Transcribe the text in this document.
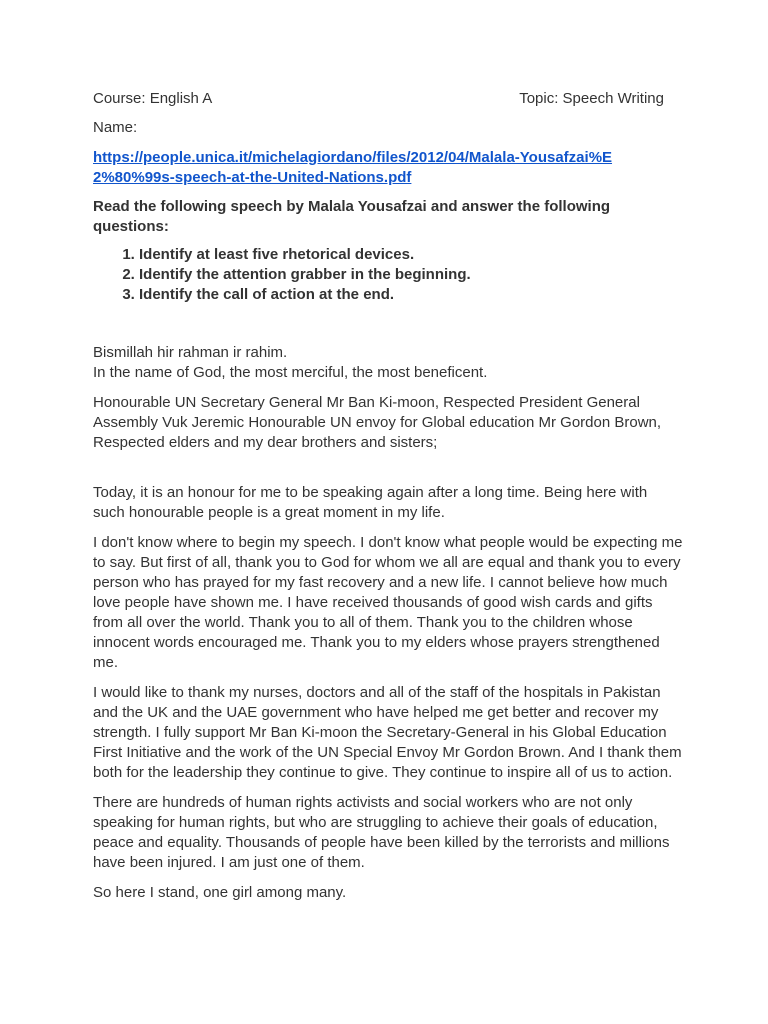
Course: English A	Topic: Speech Writing

Name:

https://people.unica.it/michelagiordano/files/2012/04/Malala-Yousafzai%E2%80%99s-speech-at-the-United-Nations.pdf

Read the following speech by Malala Yousafzai and answer the following questions:

1. Identify at least five rhetorical devices.
2. Identify the attention grabber in the beginning.
3. Identify the call of action at the end.

Bismillah hir rahman ir rahim.
In the name of God, the most merciful, the most beneficent.

Honourable UN Secretary General Mr Ban Ki-moon, Respected President General Assembly Vuk Jeremic Honourable UN envoy for Global education Mr Gordon Brown, Respected elders and my dear brothers and sisters;

Today, it is an honour for me to be speaking again after a long time. Being here with such honourable people is a great moment in my life.

I don't know where to begin my speech. I don't know what people would be expecting me to say. But first of all, thank you to God for whom we all are equal and thank you to every person who has prayed for my fast recovery and a new life. I cannot believe how much love people have shown me. I have received thousands of good wish cards and gifts from all over the world. Thank you to all of them. Thank you to the children whose innocent words encouraged me. Thank you to my elders whose prayers strengthened me.

I would like to thank my nurses, doctors and all of the staff of the hospitals in Pakistan and the UK and the UAE government who have helped me get better and recover my strength. I fully support Mr Ban Ki-moon the Secretary-General in his Global Education First Initiative and the work of the UN Special Envoy Mr Gordon Brown. And I thank them both for the leadership they continue to give. They continue to inspire all of us to action.

There are hundreds of human rights activists and social workers who are not only speaking for human rights, but who are struggling to achieve their goals of education, peace and equality. Thousands of people have been killed by the terrorists and millions have been injured. I am just one of them.

So here I stand, one girl among many.
